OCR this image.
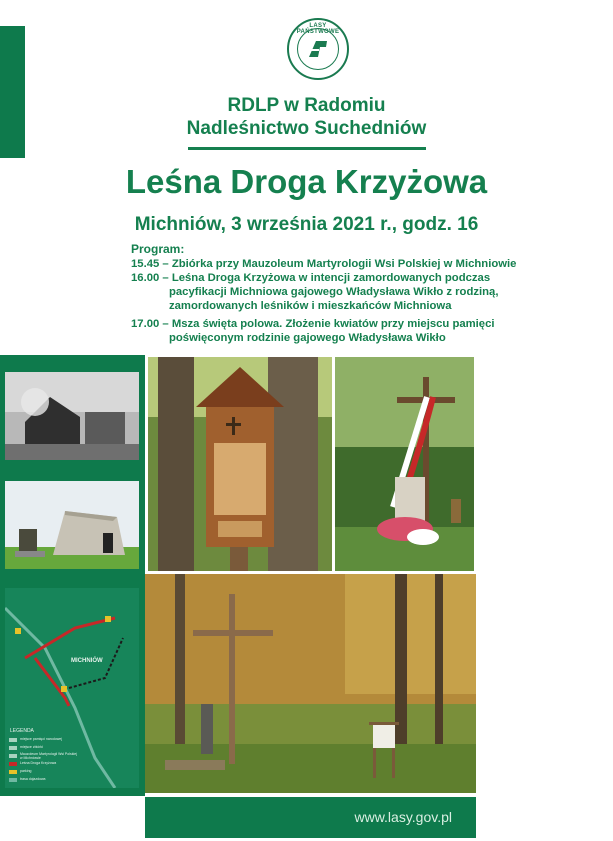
LASY PAŃSTWOWE
RDLP w Radomiu
Nadleśnictwo Suchedniów
Leśna Droga Krzyżowa
Michniów, 3 września 2021 r., godz. 16
Program:
15.45 – Zbiórka przy Mauzoleum Martyrologii Wsi Polskiej w Michniowie
16.00 – Leśna Droga Krzyżowa w intencji zamordowanych podczas
pacyfikacji Michniowa gajowego Władysława Wikło z rodziną,
zamordowanych leśników i mieszkańców Michniowa
17.00 – Msza święta polowa. Złożenie kwiatów przy miejscu pamięci
poświęconym rodzinie gajowego Władysława Wikło
MICHNIÓW
LEGENDA
miejsce pamięci narodowej
miejsce zbiórki
Mauzoleum Martyrologii Wsi Polskiej w Michniowie
Leśna Droga Krzyżowa
parking
trasa dojazdowa
www.lasy.gov.pl
